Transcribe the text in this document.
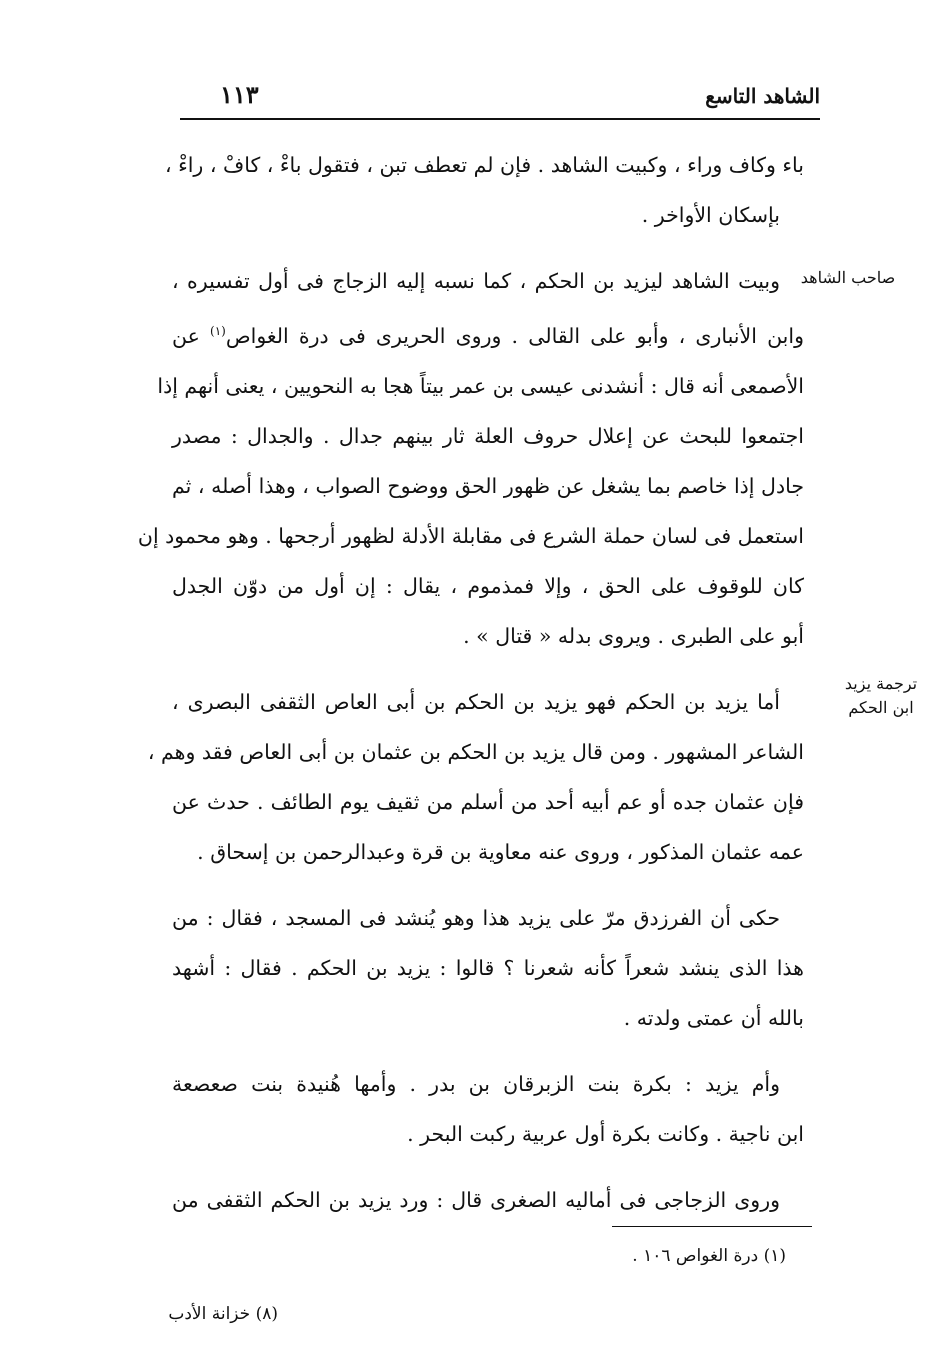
الشاهد التاسع
١١٣
صاحب الشاهد
ترجمة يزيد
ابن الحكم

باء وكاف وراء ، وكبيت الشاهد . فإن لم تعطف تبن ، فتقول باءْ ، كافْ ، راءْ ،
بإسكان الأواخر .

وبيت الشاهد ليزيد بن الحكم ، كما نسبه إليه الزجاج فى أول تفسيره ،
وابن الأنبارى ، وأبو على القالى . وروى الحريرى فى درة الغواص$^{(١)}$ عن
الأصمعى أنه قال : أنشدنى عيسى بن عمر بيتاً هجا به النحويين ، يعنى أنهم إذا
اجتمعوا للبحث عن إعلال حروف العلة ثار بينهم جدال . والجدال : مصدر
جادل إذا خاصم بما يشغل عن ظهور الحق ووضوح الصواب ، وهذا أصله ، ثم
استعمل فى لسان حملة الشرع فى مقابلة الأدلة لظهور أرجحها . وهو محمود إن
كان للوقوف على الحق ، وإلا فمذموم ، يقال : إن أول من دوّن الجدل
أبو على الطبرى . ويروى بدله « قتال » .

أما يزيد بن الحكم فهو يزيد بن الحكم بن أبى العاص الثقفى البصرى ،
الشاعر المشهور . ومن قال يزيد بن الحكم بن عثمان بن أبى العاص فقد وهم ،
فإن عثمان جده أو عم أبيه أحد من أسلم من ثقيف يوم الطائف . حدث عن
عمه عثمان المذكور ، وروى عنه معاوية بن قرة وعبدالرحمن بن إسحاق .

حكى أن الفرزدق مرّ على يزيد هذا وهو يُنشد فى المسجد ، فقال : من
هذا الذى ينشد شعراً كأنه شعرنا ؟ قالوا : يزيد بن الحكم . فقال : أشهد
بالله أن عمتى ولدته .

وأم يزيد : بكرة بنت الزبرقان بن بدر . وأمها هُنيدة بنت صعصعة
ابن ناجية . وكانت بكرة أول عربية ركبت البحر .

وروى الزجاجى فى أماليه الصغرى قال : ورد يزيد بن الحكم الثقفى من

(١) درة الغواص ١٠٦ .
(٨) خزانة الأدب
